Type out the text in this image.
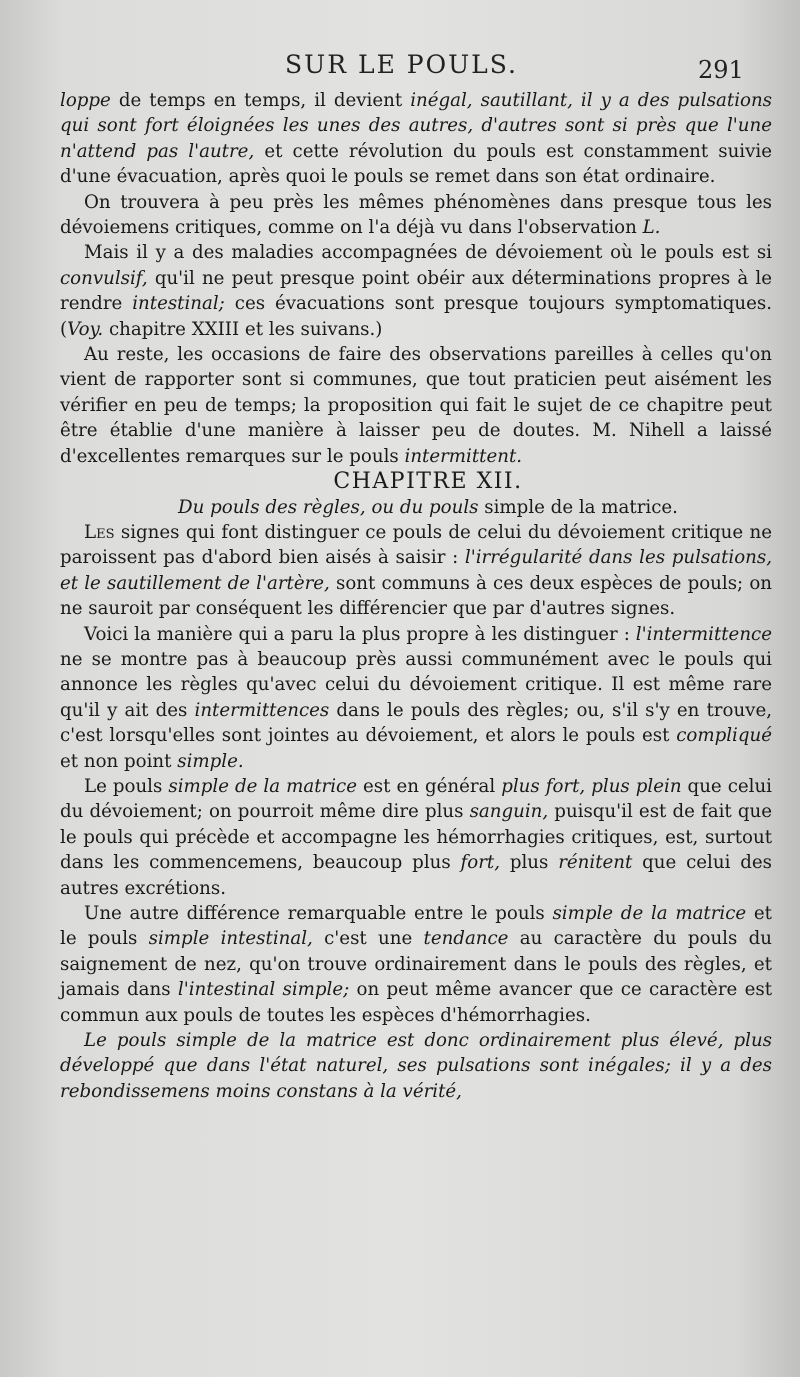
SUR LE POULS.	291

loppe de temps en temps, il devient inégal, sautillant, il y a des pulsations qui sont fort éloignées les unes des autres, d'autres sont si près que l'une n'attend pas l'autre, et cette révolution du pouls est constamment suivie d'une évacuation, après quoi le pouls se remet dans son état ordinaire.

On trouvera à peu près les mêmes phénomènes dans presque tous les dévoiemens critiques, comme on l'a déjà vu dans l'observation L.

Mais il y a des maladies accompagnées de dévoiement où le pouls est si convulsif, qu'il ne peut presque point obéir aux déterminations propres à le rendre intestinal; ces évacuations sont presque toujours symptomatiques. (Voy. chapitre XXIII et les suivans.)

Au reste, les occasions de faire des observations pareilles à celles qu'on vient de rapporter sont si communes, que tout praticien peut aisément les vérifier en peu de temps; la proposition qui fait le sujet de ce chapitre peut être établie d'une manière à laisser peu de doutes. M. Nihell a laissé d'excellentes remarques sur le pouls intermittent.

CHAPITRE XII.

Du pouls des règles, ou du pouls simple de la matrice.

Les signes qui font distinguer ce pouls de celui du dévoiement critique ne paroissent pas d'abord bien aisés à saisir : l'irrégularité dans les pulsations, et le sautillement de l'artère, sont communs à ces deux espèces de pouls; on ne sauroit par conséquent les différencier que par d'autres signes.

Voici la manière qui a paru la plus propre à les distinguer : l'intermittence ne se montre pas à beaucoup près aussi communément avec le pouls qui annonce les règles qu'avec celui du dévoiement critique. Il est même rare qu'il y ait des intermittences dans le pouls des règles; ou, s'il s'y en trouve, c'est lorsqu'elles sont jointes au dévoiement, et alors le pouls est compliqué et non point simple.

Le pouls simple de la matrice est en général plus fort, plus plein que celui du dévoiement; on pourroit même dire plus sanguin, puisqu'il est de fait que le pouls qui précède et accompagne les hémorrhagies critiques, est, surtout dans les commencemens, beaucoup plus fort, plus rénitent que celui des autres excrétions.

Une autre différence remarquable entre le pouls simple de la matrice et le pouls simple intestinal, c'est une tendance au caractère du pouls du saignement de nez, qu'on trouve ordinairement dans le pouls des règles, et jamais dans l'intestinal simple; on peut même avancer que ce caractère est commun aux pouls de toutes les espèces d'hémorrhagies.

Le pouls simple de la matrice est donc ordinairement plus élevé, plus développé que dans l'état naturel, ses pulsations sont inégales; il y a des rebondissemens moins constans à la vérité,
